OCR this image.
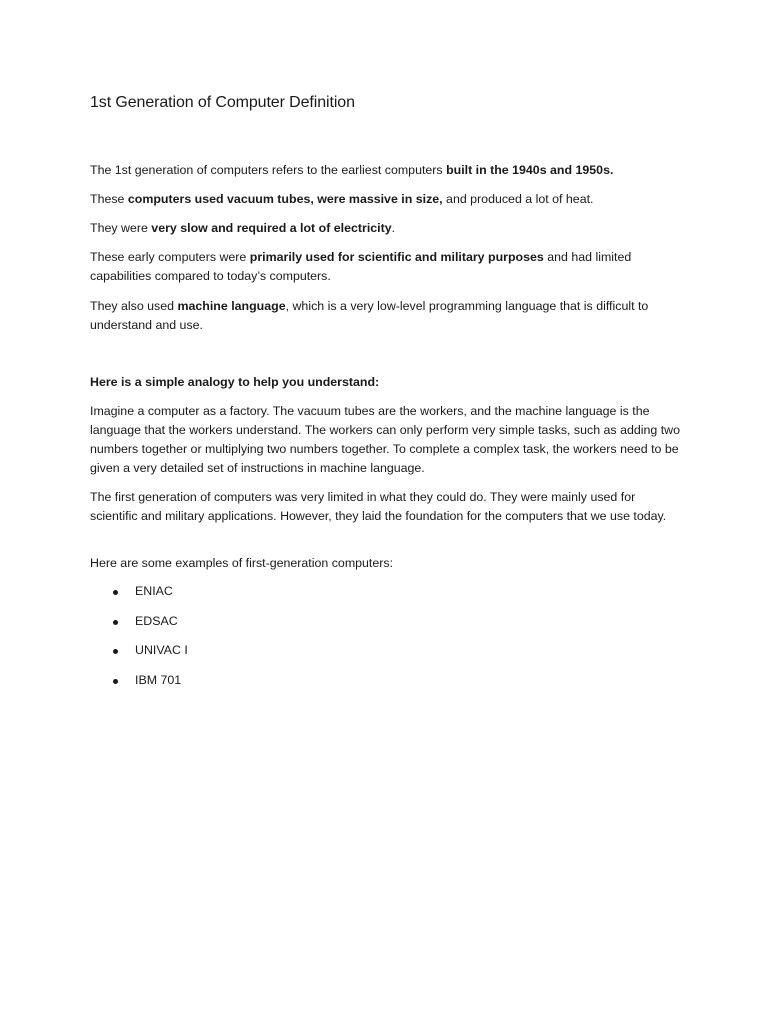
1st Generation of Computer Definition

The 1st generation of computers refers to the earliest computers built in the 1940s and 1950s.

These computers used vacuum tubes, were massive in size, and produced a lot of heat.

They were very slow and required a lot of electricity.

These early computers were primarily used for scientific and military purposes and had limited capabilities compared to today’s computers.

They also used machine language, which is a very low-level programming language that is difficult to understand and use.

Here is a simple analogy to help you understand:

Imagine a computer as a factory. The vacuum tubes are the workers, and the machine language is the language that the workers understand. The workers can only perform very simple tasks, such as adding two numbers together or multiplying two numbers together. To complete a complex task, the workers need to be given a very detailed set of instructions in machine language.

The first generation of computers was very limited in what they could do. They were mainly used for scientific and military applications. However, they laid the foundation for the computers that we use today.

Here are some examples of first-generation computers:

ENIAC
EDSAC
UNIVAC I
IBM 701
